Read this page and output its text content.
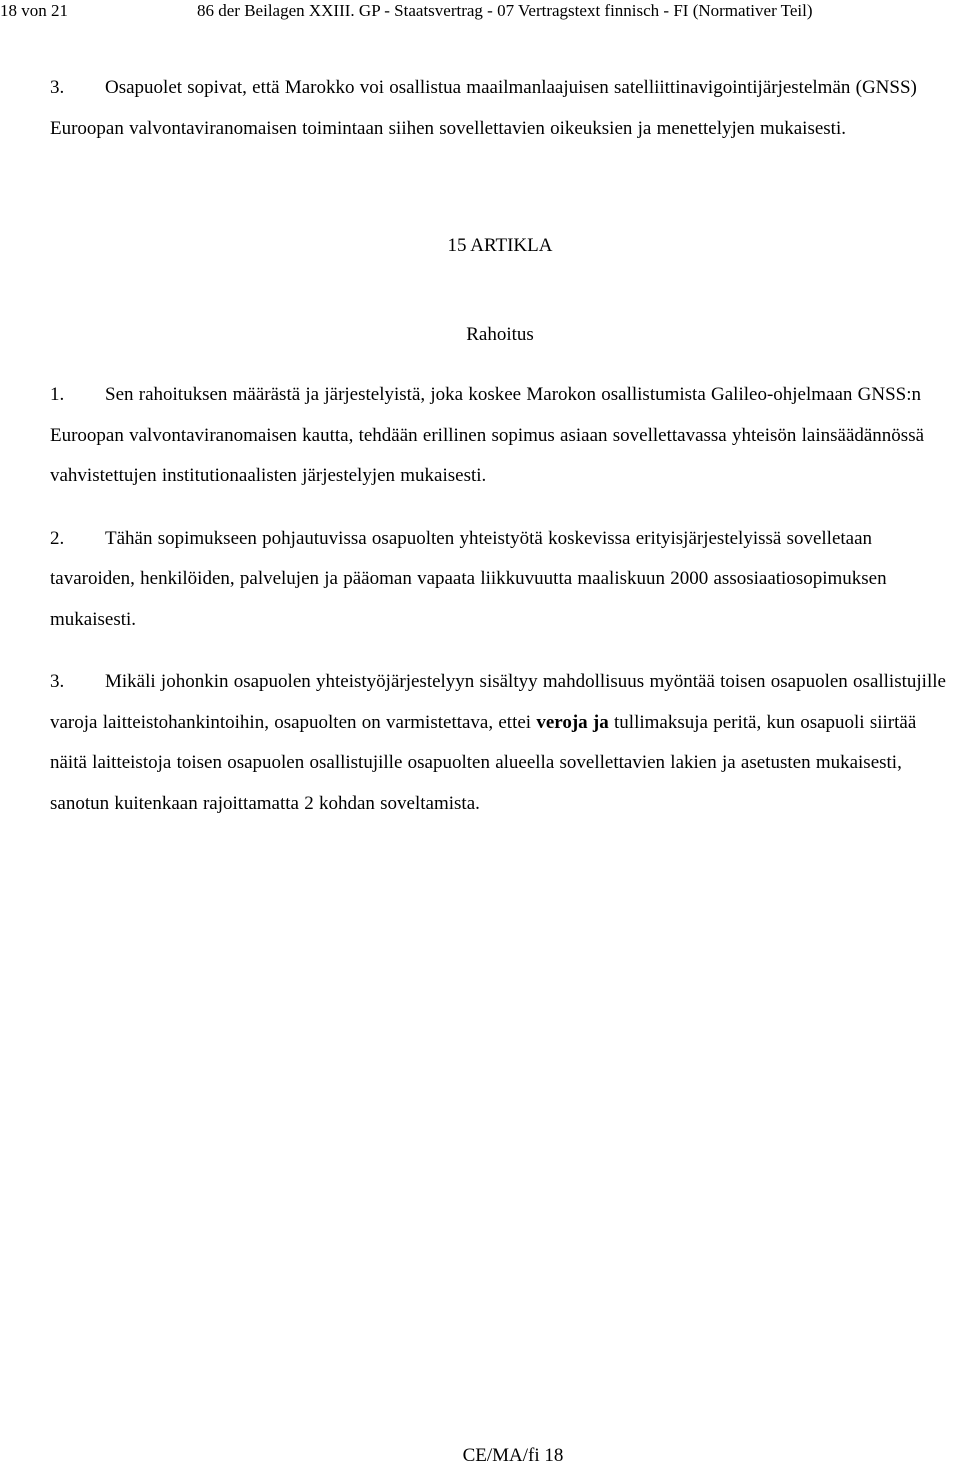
18 von 21	86 der Beilagen XXIII. GP - Staatsvertrag - 07 Vertragstext finnisch - FI (Normativer Teil)

3. Osapuolet sopivat, että Marokko voi osallistua maailmanlaajuisen satelliittinavigointijärjestelmän (GNSS) Euroopan valvontaviranomaisen toimintaan siihen sovellettavien oikeuksien ja menettelyjen mukaisesti.

15 ARTIKLA

Rahoitus

1. Sen rahoituksen määrästä ja järjestelyistä, joka koskee Marokon osallistumista Galileo-ohjelmaan GNSS:n Euroopan valvontaviranomaisen kautta, tehdään erillinen sopimus asiaan sovellettavassa yhteisön lainsäädännössä vahvistettujen institutionaalisten järjestelyjen mukaisesti.

2. Tähän sopimukseen pohjautuvissa osapuolten yhteistyötä koskevissa erityisjärjestelyissä sovelletaan tavaroiden, henkilöiden, palvelujen ja pääoman vapaata liikkuvuutta maaliskuun 2000 assosiaatiosopimuksen mukaisesti.

3. Mikäli johonkin osapuolen yhteistyöjärjestelyyn sisältyy mahdollisuus myöntää toisen osapuolen osallistujille varoja laitteistohankintoihin, osapuolten on varmistettava, ettei veroja ja tullimaksuja peritä, kun osapuoli siirtää näitä laitteistoja toisen osapuolen osallistujille osapuolten alueella sovellettavien lakien ja asetusten mukaisesti, sanotun kuitenkaan rajoittamatta 2 kohdan soveltamista.

CE/MA/fi 18
